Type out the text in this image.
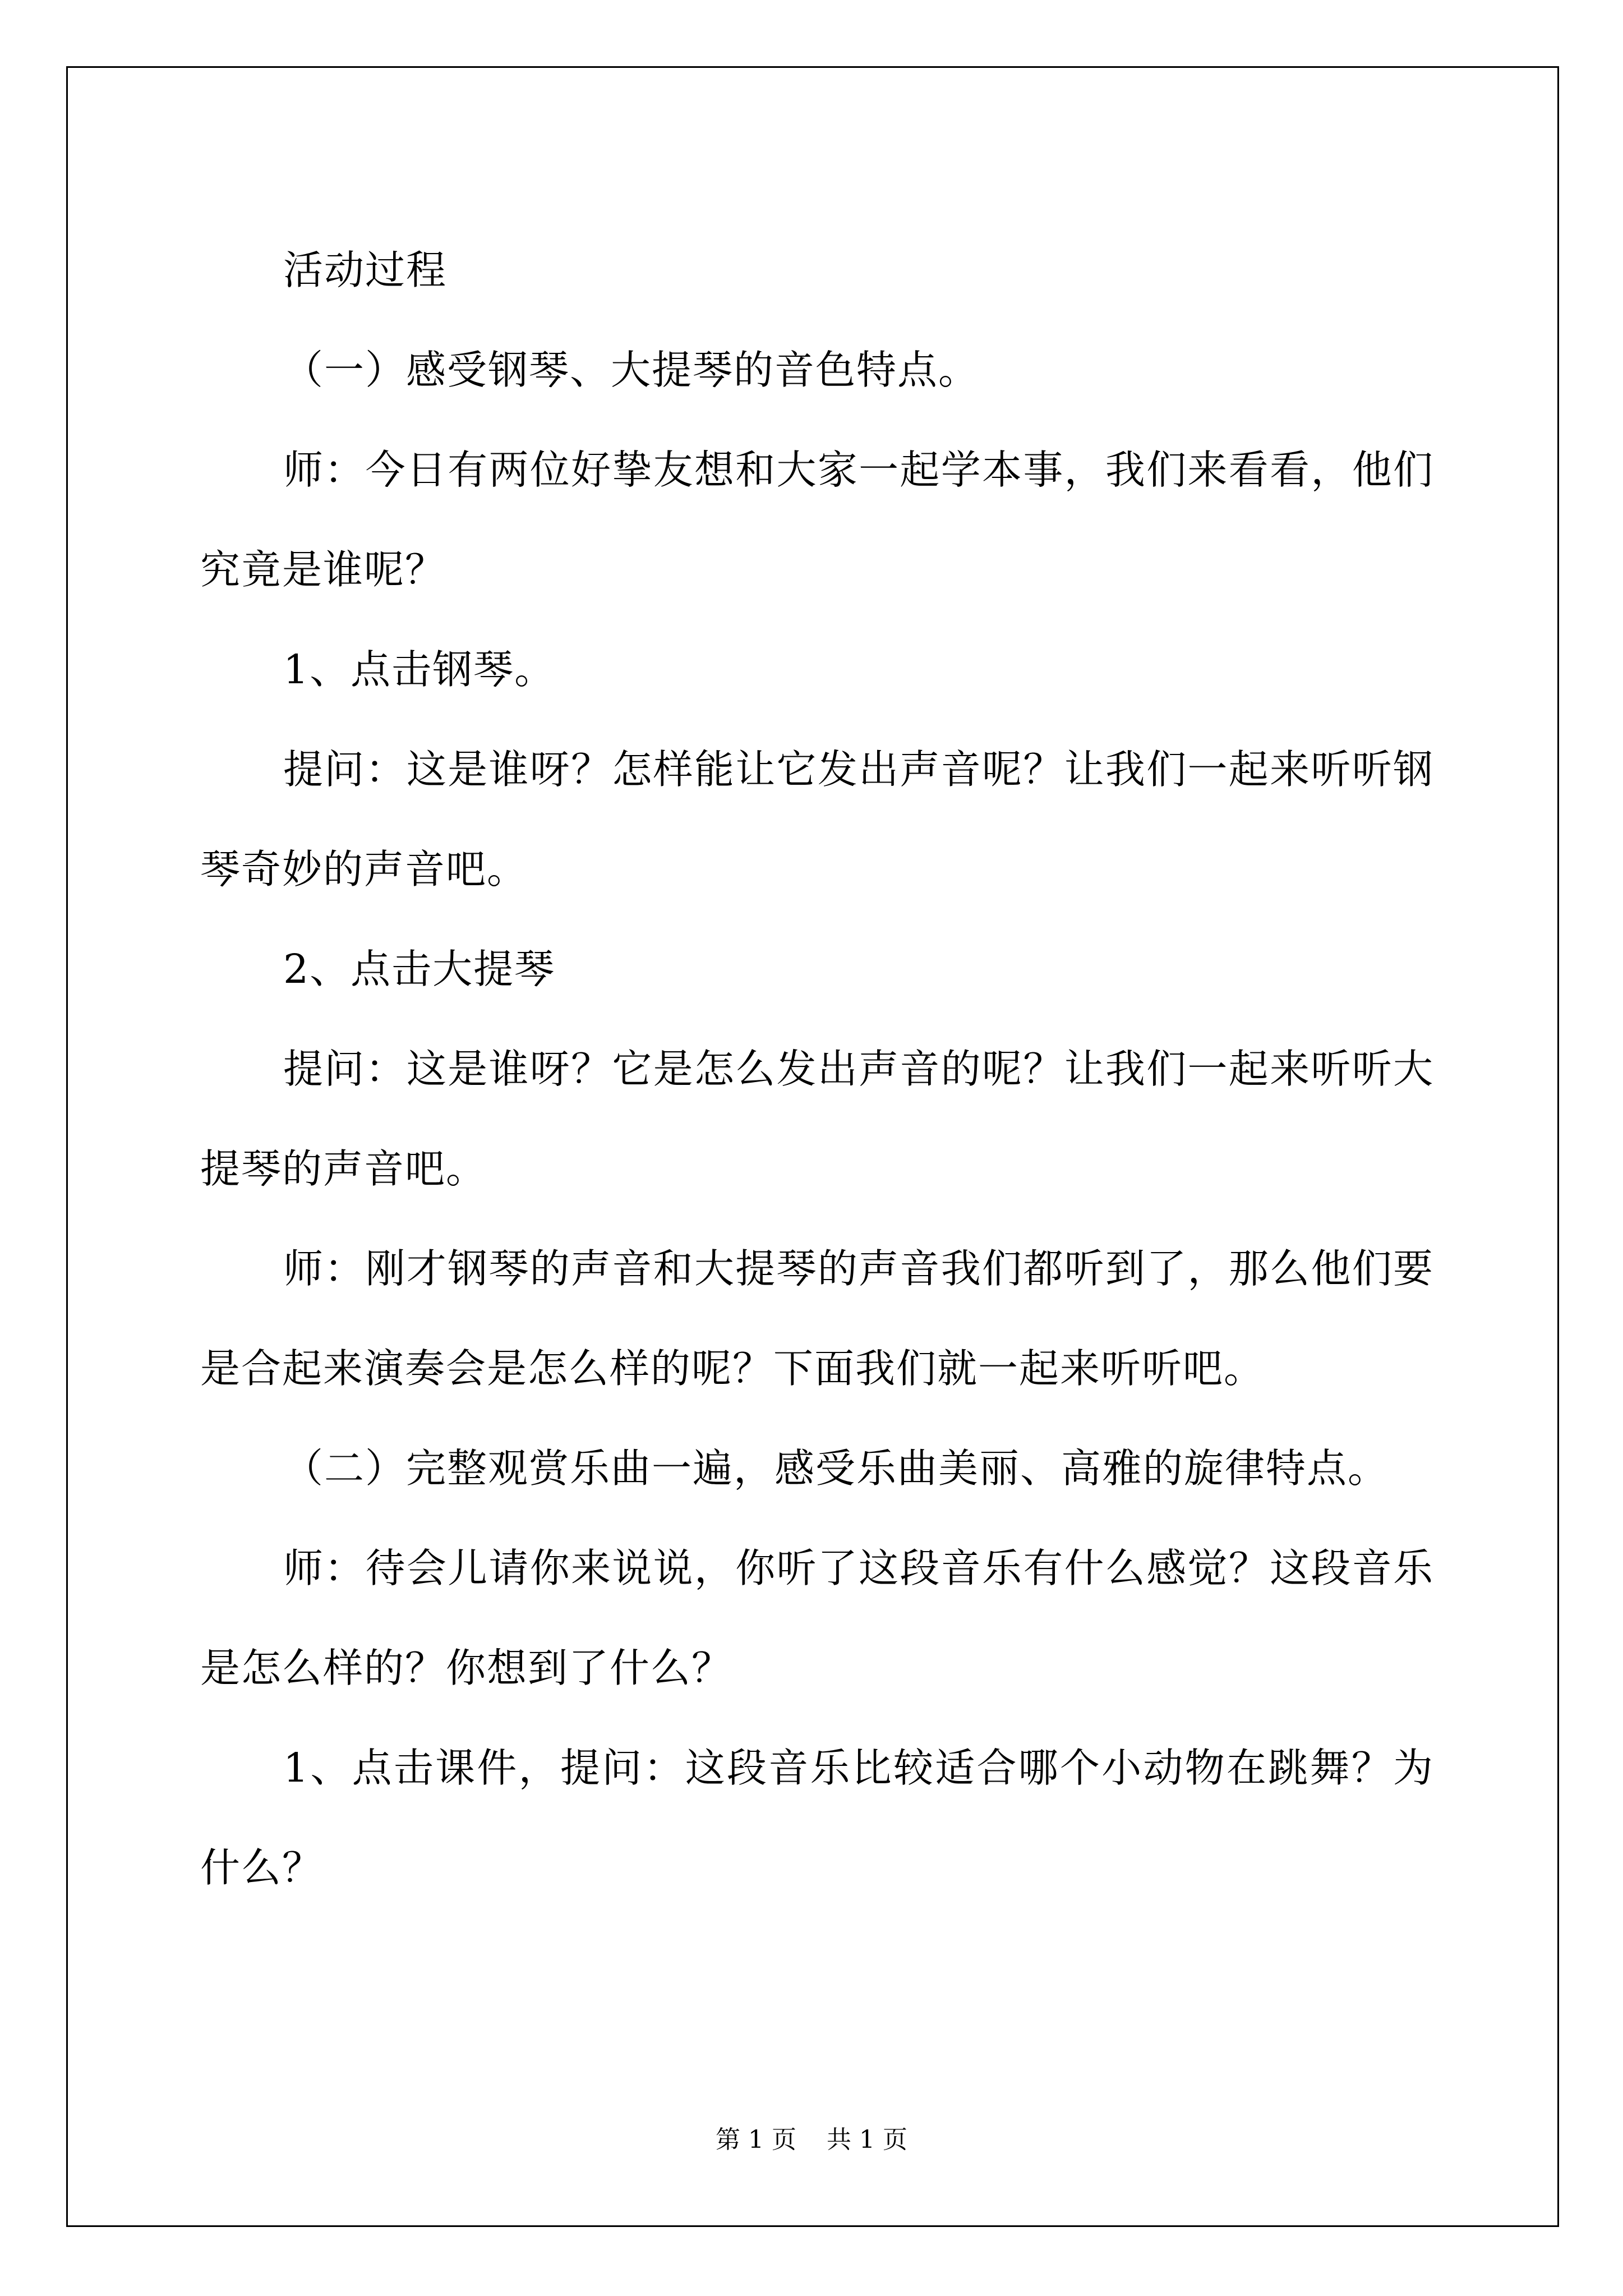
活动过程

（一）感受钢琴、大提琴的音色特点。

师：今日有两位好挚友想和大家一起学本事，我们来看看，他们究竟是谁呢？

1、点击钢琴。

提问：这是谁呀？怎样能让它发出声音呢？让我们一起来听听钢琴奇妙的声音吧。

2、点击大提琴

提问：这是谁呀？它是怎么发出声音的呢？让我们一起来听听大提琴的声音吧。

师：刚才钢琴的声音和大提琴的声音我们都听到了，那么他们要是合起来演奏会是怎么样的呢？下面我们就一起来听听吧。

（二）完整观赏乐曲一遍，感受乐曲美丽、高雅的旋律特点。

师：待会儿请你来说说，你听了这段音乐有什么感觉？这段音乐是怎么样的？你想到了什么？

1、点击课件，提问：这段音乐比较适合哪个小动物在跳舞？为什么？

第 1 页 共 1 页
